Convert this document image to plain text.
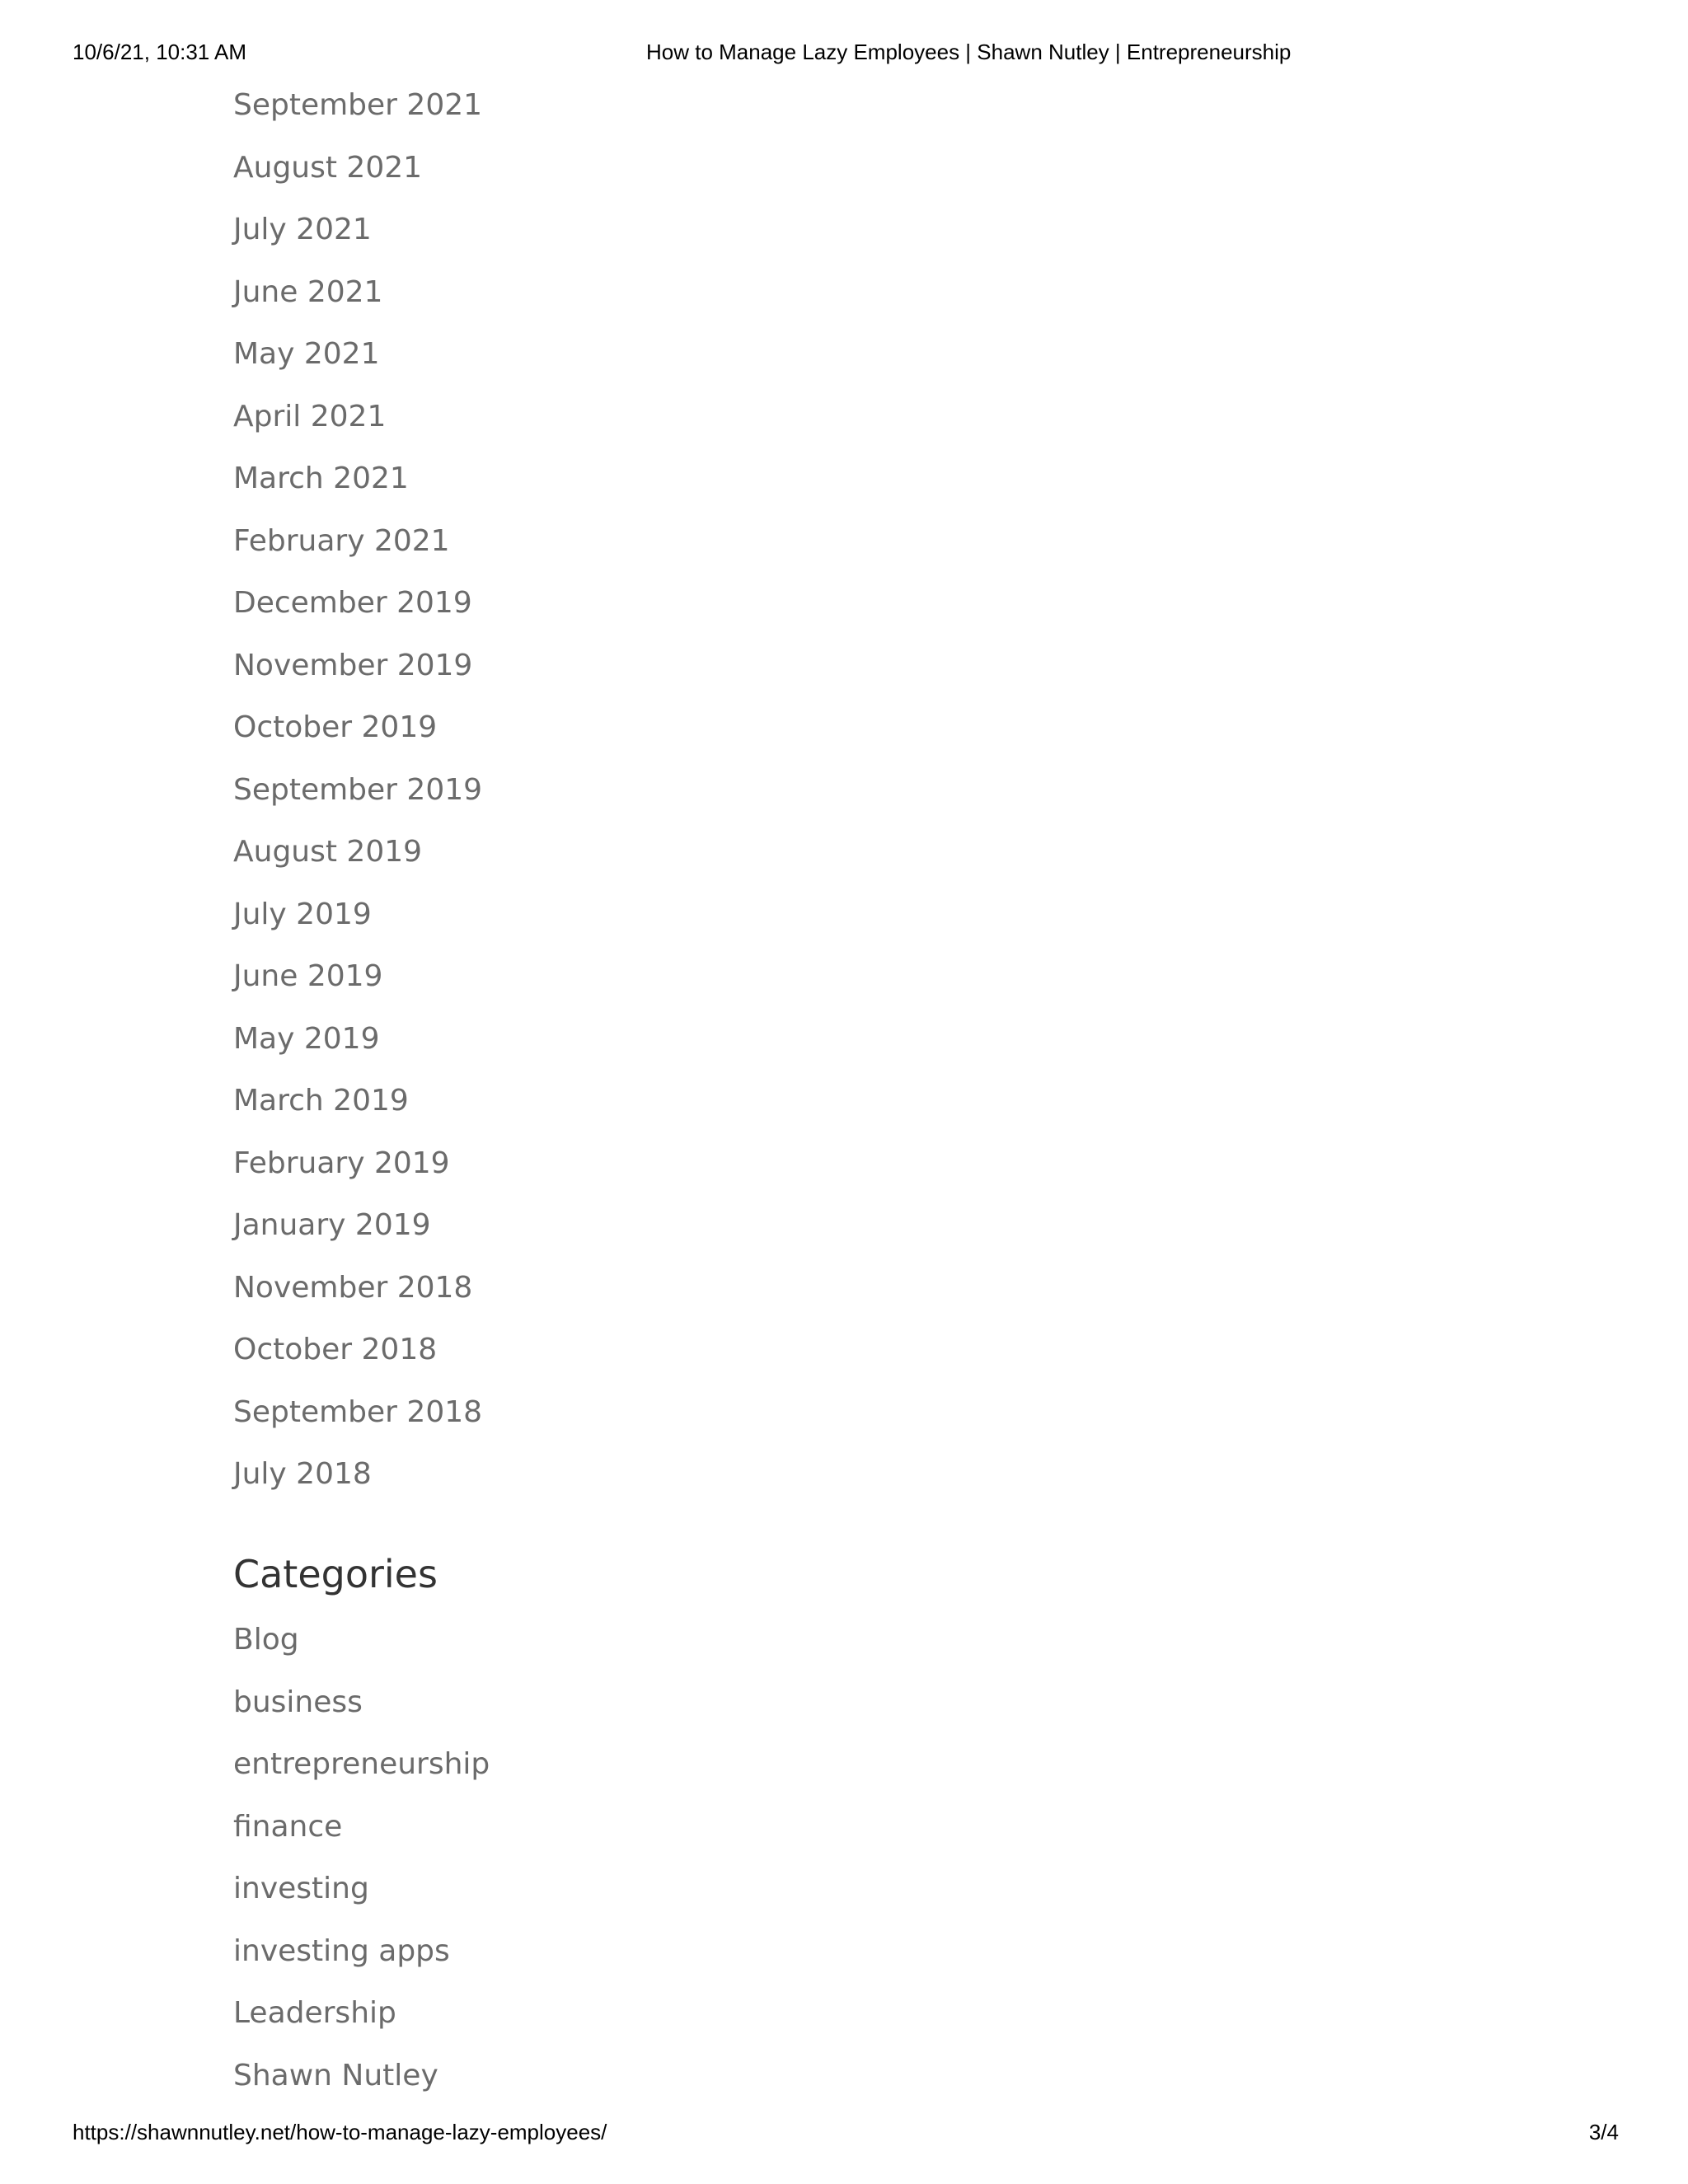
10/6/21, 10:31 AM	How to Manage Lazy Employees | Shawn Nutley | Entrepreneurship
September 2021
August 2021
July 2021
June 2021
May 2021
April 2021
March 2021
February 2021
December 2019
November 2019
October 2019
September 2019
August 2019
July 2019
June 2019
May 2019
March 2019
February 2019
January 2019
November 2018
October 2018
September 2018
July 2018
Categories
Blog
business
entrepreneurship
finance
investing
investing apps
Leadership
Shawn Nutley
https://shawnnutley.net/how-to-manage-lazy-employees/	3/4
